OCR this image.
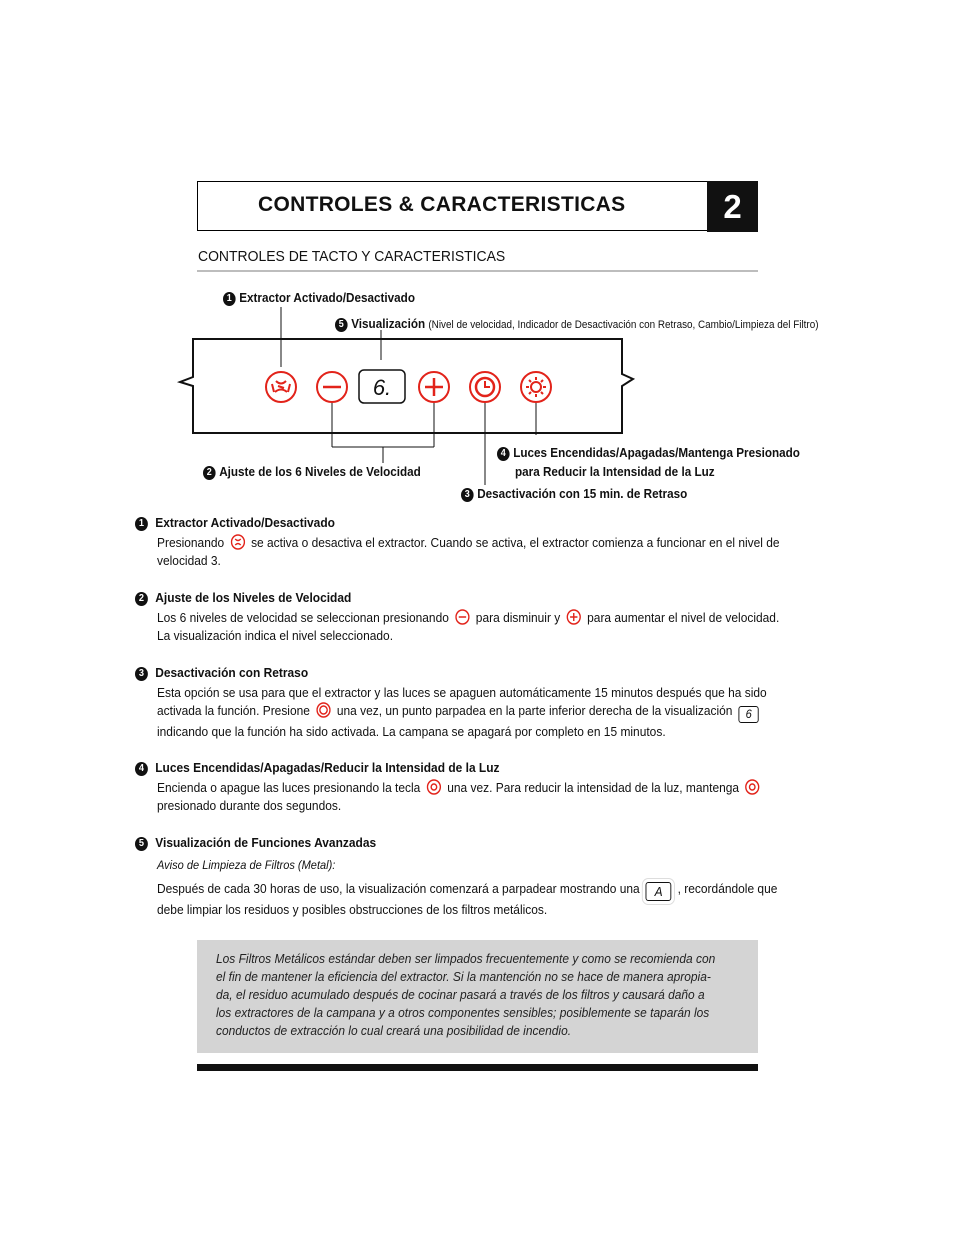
CONTROLES & CARACTERISTICAS	2
CONTROLES DE TACTO Y CARACTERISTICAS
6.
1 Extractor Activado/Desactivado
5 Visualización (Nivel de velocidad, Indicador de Desactivación con Retraso, Cambio/Limpieza del Filtro)
2 Ajuste de los 6 Niveles de Velocidad
4 Luces Encendidas/Apagadas/Mantenga Presionado
para Reducir la Intensidad de la Luz
3 Desactivación con 15 min. de Retraso
1 Extractor Activado/Desactivado
Presionando se activa o desactiva el extractor. Cuando se activa, el extractor comienza a funcionar en el nivel de
velocidad 3.
2 Ajuste de los Niveles de Velocidad
Los 6 niveles de velocidad se seleccionan presionando para disminuir y para aumentar el nivel de velocidad.
La visualización indica el nivel seleccionado.
3 Desactivación con Retraso
Esta opción se usa para que el extractor y las luces se apaguen automáticamente 15 minutos después que ha sido
activada la función. Presione una vez, un punto parpadea en la parte inferior derecha de la visualización 6
indicando que la función ha sido activada. La campana se apagará por completo en 15 minutos.
4 Luces Encendidas/Apagadas/Reducir la Intensidad de la Luz
Encienda o apague las luces presionando la tecla una vez. Para reducir la intensidad de la luz, mantenga
presionado durante dos segundos.
5 Visualización de Funciones Avanzadas
Aviso de Limpieza de Filtros (Metal):
Después de cada 30 horas de uso, la visualización comenzará a parpadear mostrando una A , recordándole que
debe limpiar los residuos y posibles obstrucciones de los filtros metálicos.
Los Filtros Metálicos estándar deben ser limpados frecuentemente y como se recomienda con
el fin de mantener la eficiencia del extractor. Si la mantención no se hace de manera apropia-
da, el residuo acumulado después de cocinar pasará a través de los filtros y causará daño a
los extractores de la campana y a otros componentes sensibles; posiblemente se taparán los
conductos de extracción lo cual creará una posibilidad de incendio.
